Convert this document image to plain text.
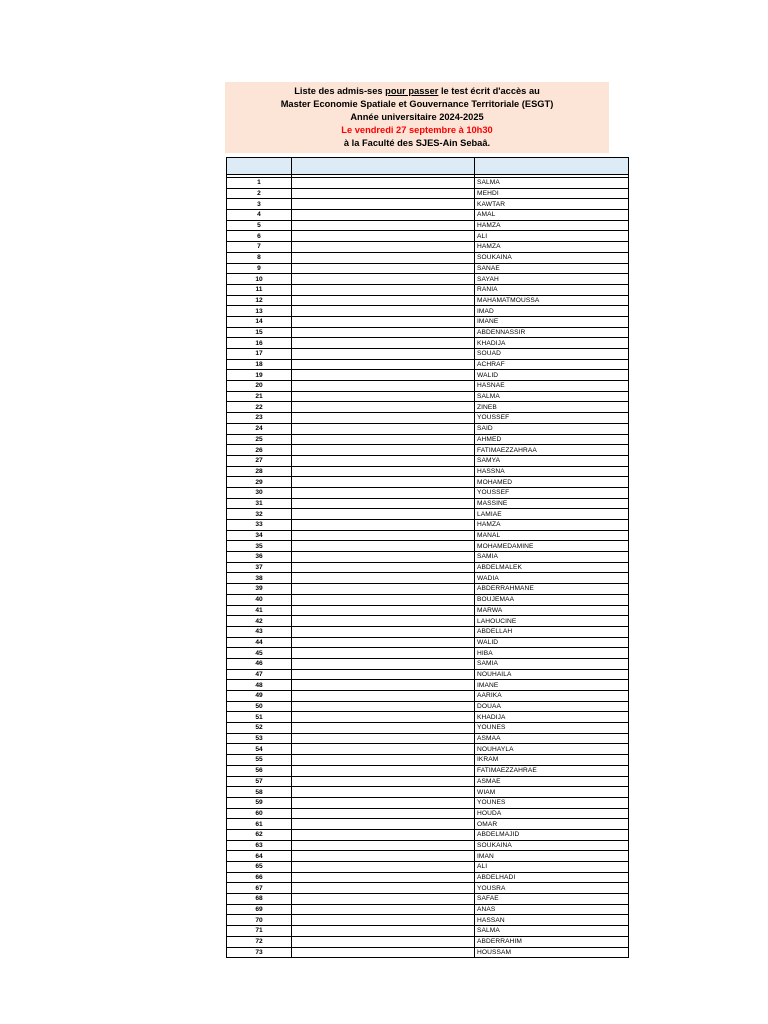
Liste des admis-ses pour passer le test écrit d'accès au
Master Economie Spatiale et Gouvernance Territoriale (ESGT)
Année universitaire 2024-2025
Le vendredi 27 septembre à 10h30
à la Faculté des SJES-Ain Sebaâ.

1		SALMA
2		MEHDI
3		KAWTAR
4		AMAL
5		HAMZA
6		ALI
7		HAMZA
8		SOUKAINA
9		SANAE
10		SAYAH
11		RANIA
12		MAHAMATMOUSSA
13		IMAD
14		IMANE
15		ABDENNASSIR
16		KHADIJA
17		SOUAD
18		ACHRAF
19		WALID
20		HASNAE
21		SALMA
22		ZINEB
23		YOUSSEF
24		SAID
25		AHMED
26		FATIMAEZZAHRAA
27		SAMYA
28		HASSNA
29		MOHAMED
30		YOUSSEF
31		MASSINE
32		LAMIAE
33		HAMZA
34		MANAL
35		MOHAMEDAMINE
36		SAMIA
37		ABDELMALEK
38		WADIA
39		ABDERRAHMANE
40		BOUJEMAA
41		MARWA
42		LAHOUCINE
43		ABDELLAH
44		WALID
45		HIBA
46		SAMIA
47		NOUHAILA
48		IMANE
49		AARIKA
50		DOUAA
51		KHADIJA
52		YOUNES
53		ASMAA
54		NOUHAYLA
55		IKRAM
56		FATIMAEZZAHRAE
57		ASMAE
58		WIAM
59		YOUNES
60		HOUDA
61		OMAR
62		ABDELMAJID
63		SOUKAINA
64		IMAN
65		ALI
66		ABDELHADI
67		YOUSRA
68		SAFAE
69		ANAS
70		HASSAN
71		SALMA
72		ABDERRAHIM
73		HOUSSAM
